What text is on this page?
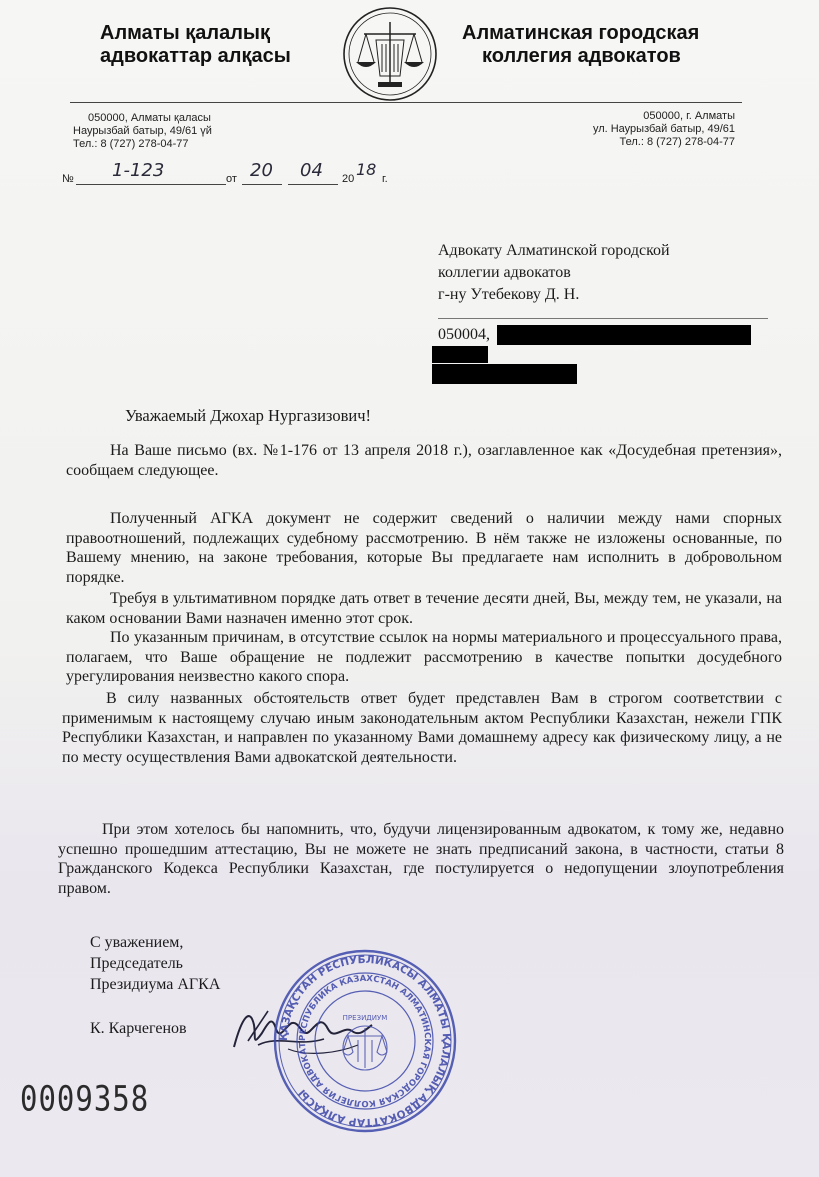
Алматы қалалық
адвокаттар алқасы
Алматинская городская
коллегия адвокатов
050000, Алматы қаласы
Наурызбай батыр, 49/61 үй
Тел.: 8 (727) 278-04-77
050000, г. Алматы
ул. Наурызбай батыр, 49/61
Тел.: 8 (727) 278-04-77
№ 1-123	от 20 04 20 18 г.
Адвокату Алматинской городской
коллегии адвокатов
г-ну Утебекову Д. Н.
050004,
Уважаемый Джохар Нургазизович!
На Ваше письмо (вх. №1-176 от 13 апреля 2018 г.), озаглавленное как «Досудебная претензия», сообщаем следующее.
Полученный АГКА документ не содержит сведений о наличии между нами спорных правоотношений, подлежащих судебному рассмотрению. В нём также не изложены основанные, по Вашему мнению, на законе требования, которые Вы предлагаете нам исполнить в добровольном порядке.
Требуя в ультимативном порядке дать ответ в течение десяти дней, Вы, между тем, не указали, на каком основании Вами назначен именно этот срок.
По указанным причинам, в отсутствие ссылок на нормы материального и процессуального права, полагаем, что Ваше обращение не подлежит рассмотрению в качестве попытки досудебного урегулирования неизвестно какого спора.
В силу названных обстоятельств ответ будет представлен Вам в строгом соответствии с применимым к настоящему случаю иным законодательным актом Республики Казахстан, нежели ГПК Республики Казахстан, и направлен по указанному Вами домашнему адресу как физическому лицу, а не по месту осуществления Вами адвокатской деятельности.
При этом хотелось бы напомнить, что, будучи лицензированным адвокатом, к тому же, недавно успешно прошедшим аттестацию, Вы не можете не знать предписаний закона, в частности, статьи 8 Гражданского Кодекса Республики Казахстан, где постулируется о недопущении злоупотребления правом.
С уважением,
Председатель
Президиума АГКА
К. Карчегенов	ҚАЗАҚСТАН РЕСПУБЛИКАСЫ АЛМАТЫ ҚАЛАЛЫҚ АДВОКАТТАР АЛҚАСЫ
РЕСПУБЛИКА КАЗАХСТАН АЛМАТИНСКАЯ ГОРОДСКАЯ КОЛЛЕГИЯ АДВОКАТ
ПРЕЗИДИУМ
0009358
